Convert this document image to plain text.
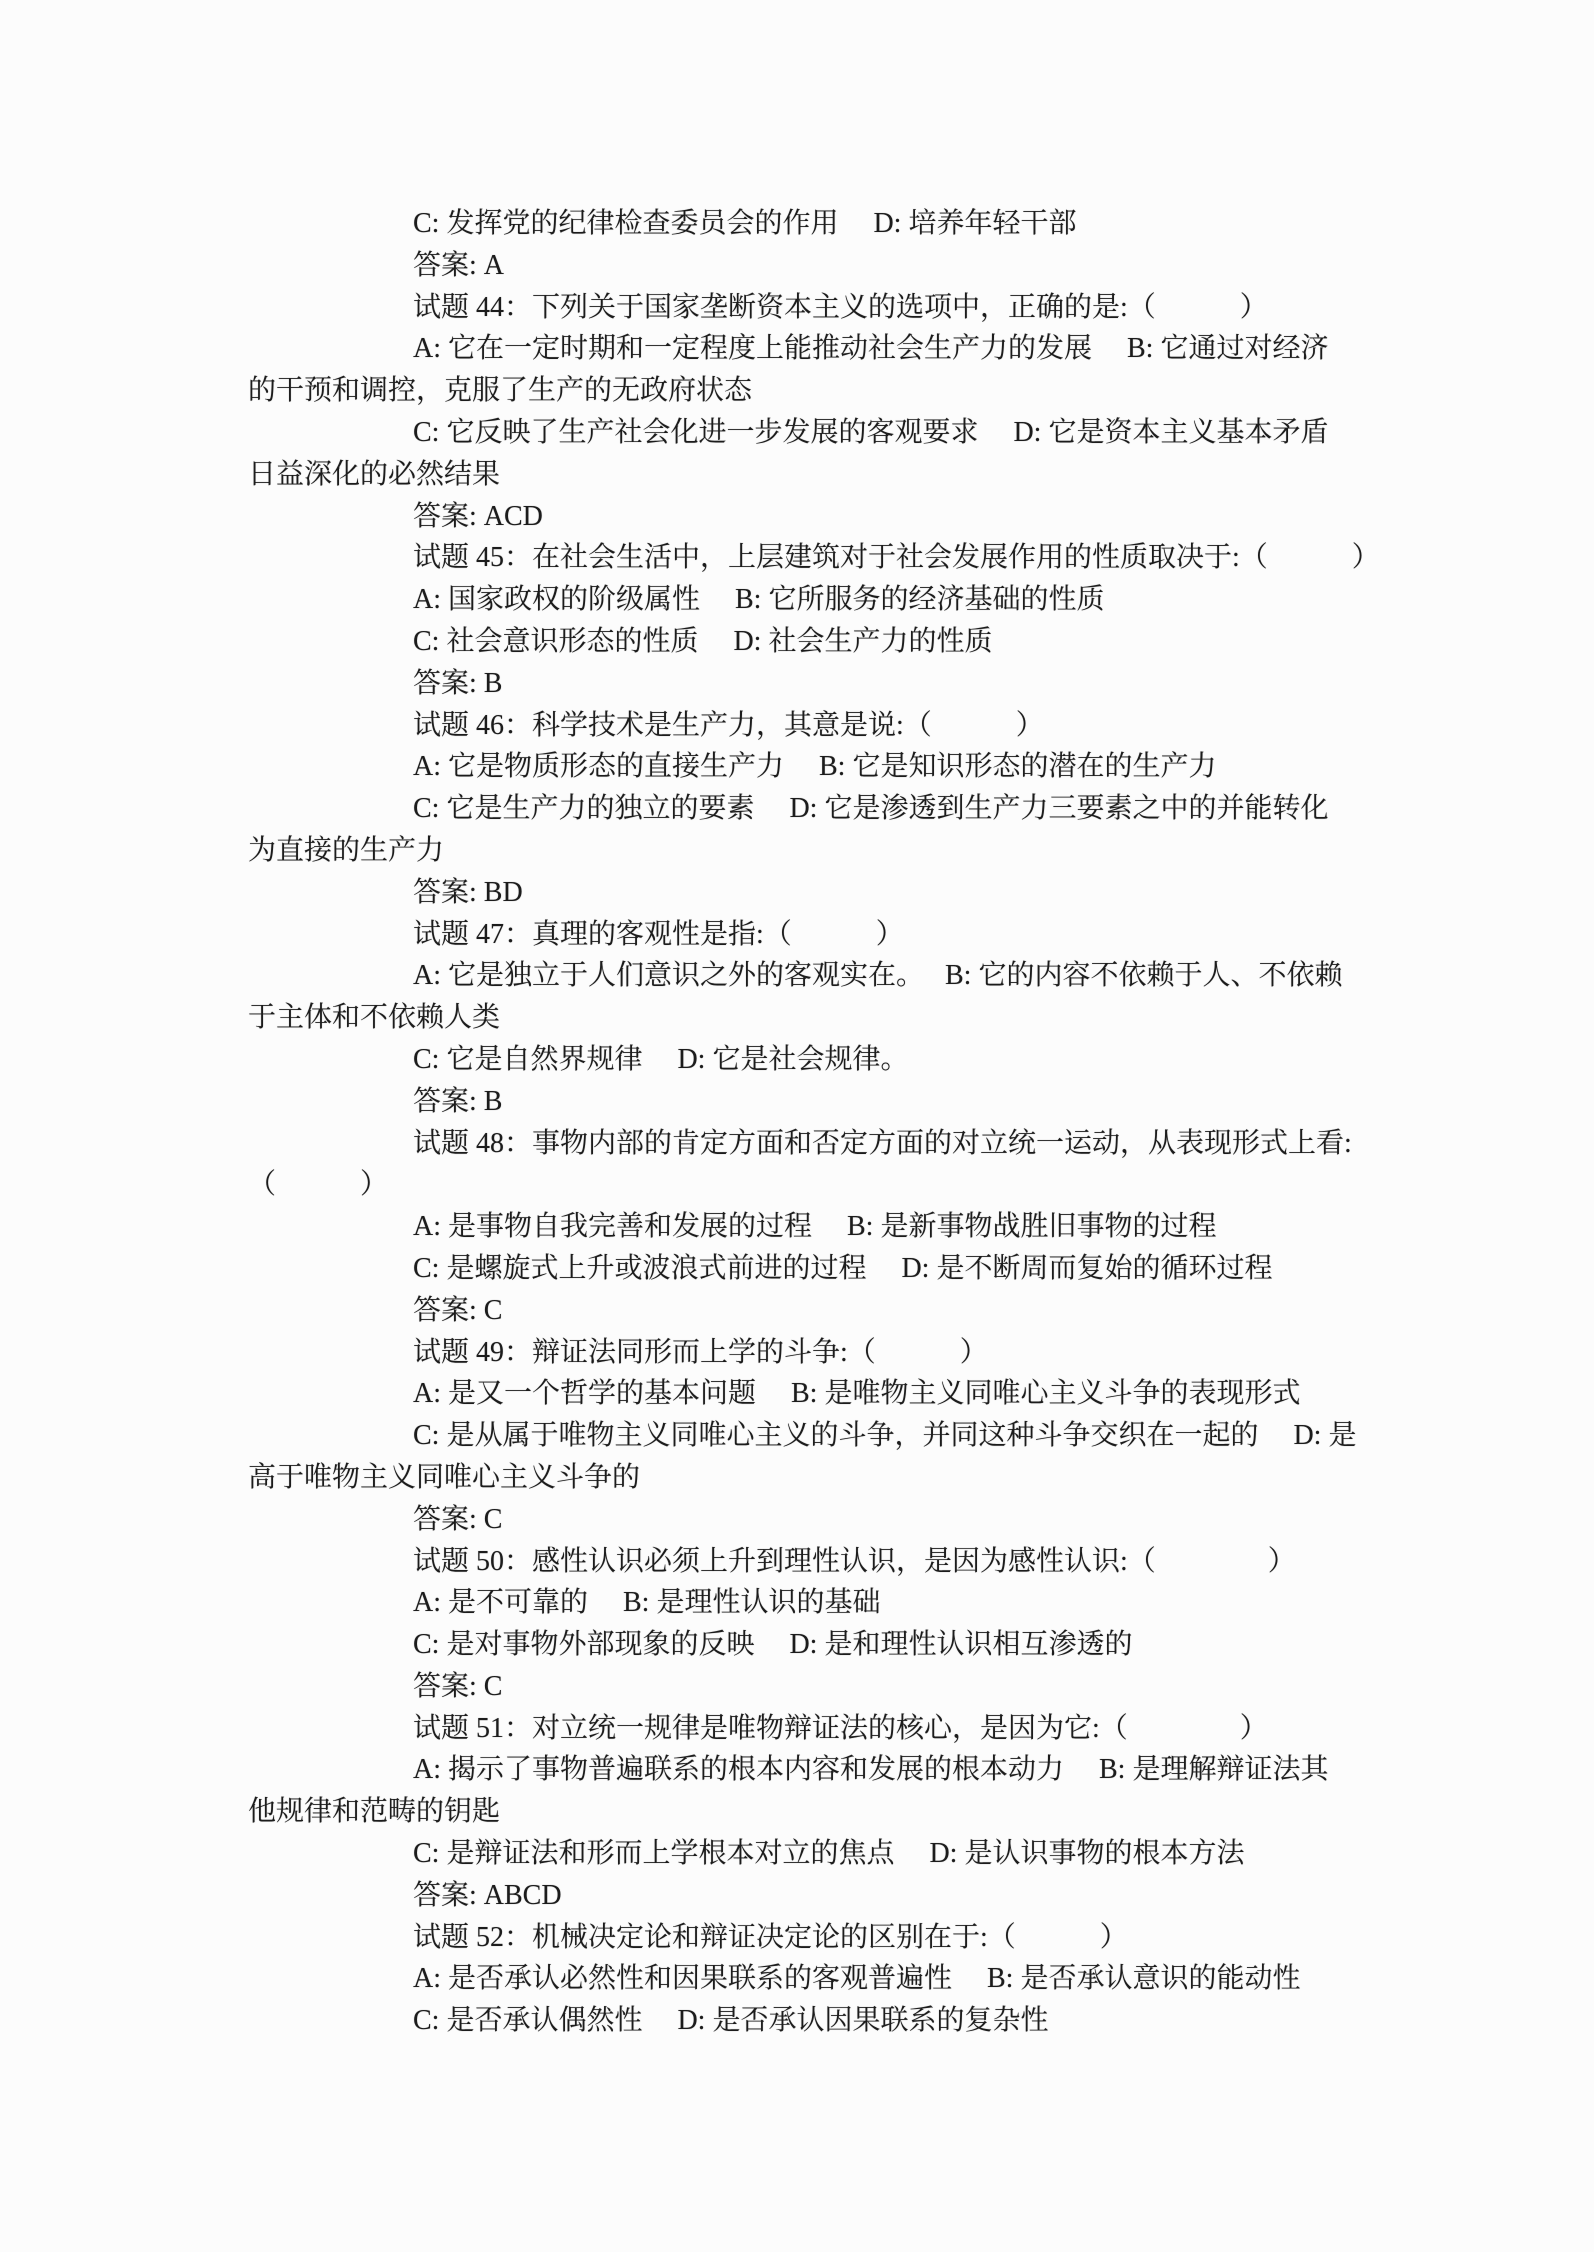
C: 发挥党的纪律检查委员会的作用　 D: 培养年轻干部

答案: A

试题 44：下列关于国家垄断资本主义的选项中，正确的是:（　　　）

A: 它在一定时期和一定程度上能推动社会生产力的发展　 B: 它通过对经济

的干预和调控，克服了生产的无政府状态

C: 它反映了生产社会化进一步发展的客观要求　 D: 它是资本主义基本矛盾

日益深化的必然结果

答案: ACD

试题 45：在社会生活中，上层建筑对于社会发展作用的性质取决于:（　　　）

A: 国家政权的阶级属性　 B: 它所服务的经济基础的性质

C: 社会意识形态的性质　 D: 社会生产力的性质

答案: B

试题 46：科学技术是生产力，其意是说:（　　　）

A: 它是物质形态的直接生产力　 B: 它是知识形态的潜在的生产力

C: 它是生产力的独立的要素　 D: 它是渗透到生产力三要素之中的并能转化

为直接的生产力

答案: BD

试题 47：真理的客观性是指:（　　　）

A: 它是独立于人们意识之外的客观实在。　 B: 它的内容不依赖于人、不依赖

于主体和不依赖人类

C: 它是自然界规律　 D: 它是社会规律。

答案: B

试题 48：事物内部的肯定方面和否定方面的对立统一运动，从表现形式上看:

（　　　）

A: 是事物自我完善和发展的过程　 B: 是新事物战胜旧事物的过程

C: 是螺旋式上升或波浪式前进的过程　 D: 是不断周而复始的循环过程

答案: C

试题 49：辩证法同形而上学的斗争:（　　　）

A: 是又一个哲学的基本问题　 B: 是唯物主义同唯心主义斗争的表现形式

C: 是从属于唯物主义同唯心主义的斗争，并同这种斗争交织在一起的　 D: 是

高于唯物主义同唯心主义斗争的

答案: C

试题 50：感性认识必须上升到理性认识，是因为感性认识:（　　　　）

A: 是不可靠的　 B: 是理性认识的基础

C: 是对事物外部现象的反映　 D: 是和理性认识相互渗透的

答案: C

试题 51：对立统一规律是唯物辩证法的核心，是因为它:（　　　　）

A: 揭示了事物普遍联系的根本内容和发展的根本动力　 B: 是理解辩证法其

他规律和范畴的钥匙

C: 是辩证法和形而上学根本对立的焦点　 D: 是认识事物的根本方法

答案: ABCD

试题 52：机械决定论和辩证决定论的区别在于:（　　　）

A: 是否承认必然性和因果联系的客观普遍性　 B: 是否承认意识的能动性

C: 是否承认偶然性　 D: 是否承认因果联系的复杂性
